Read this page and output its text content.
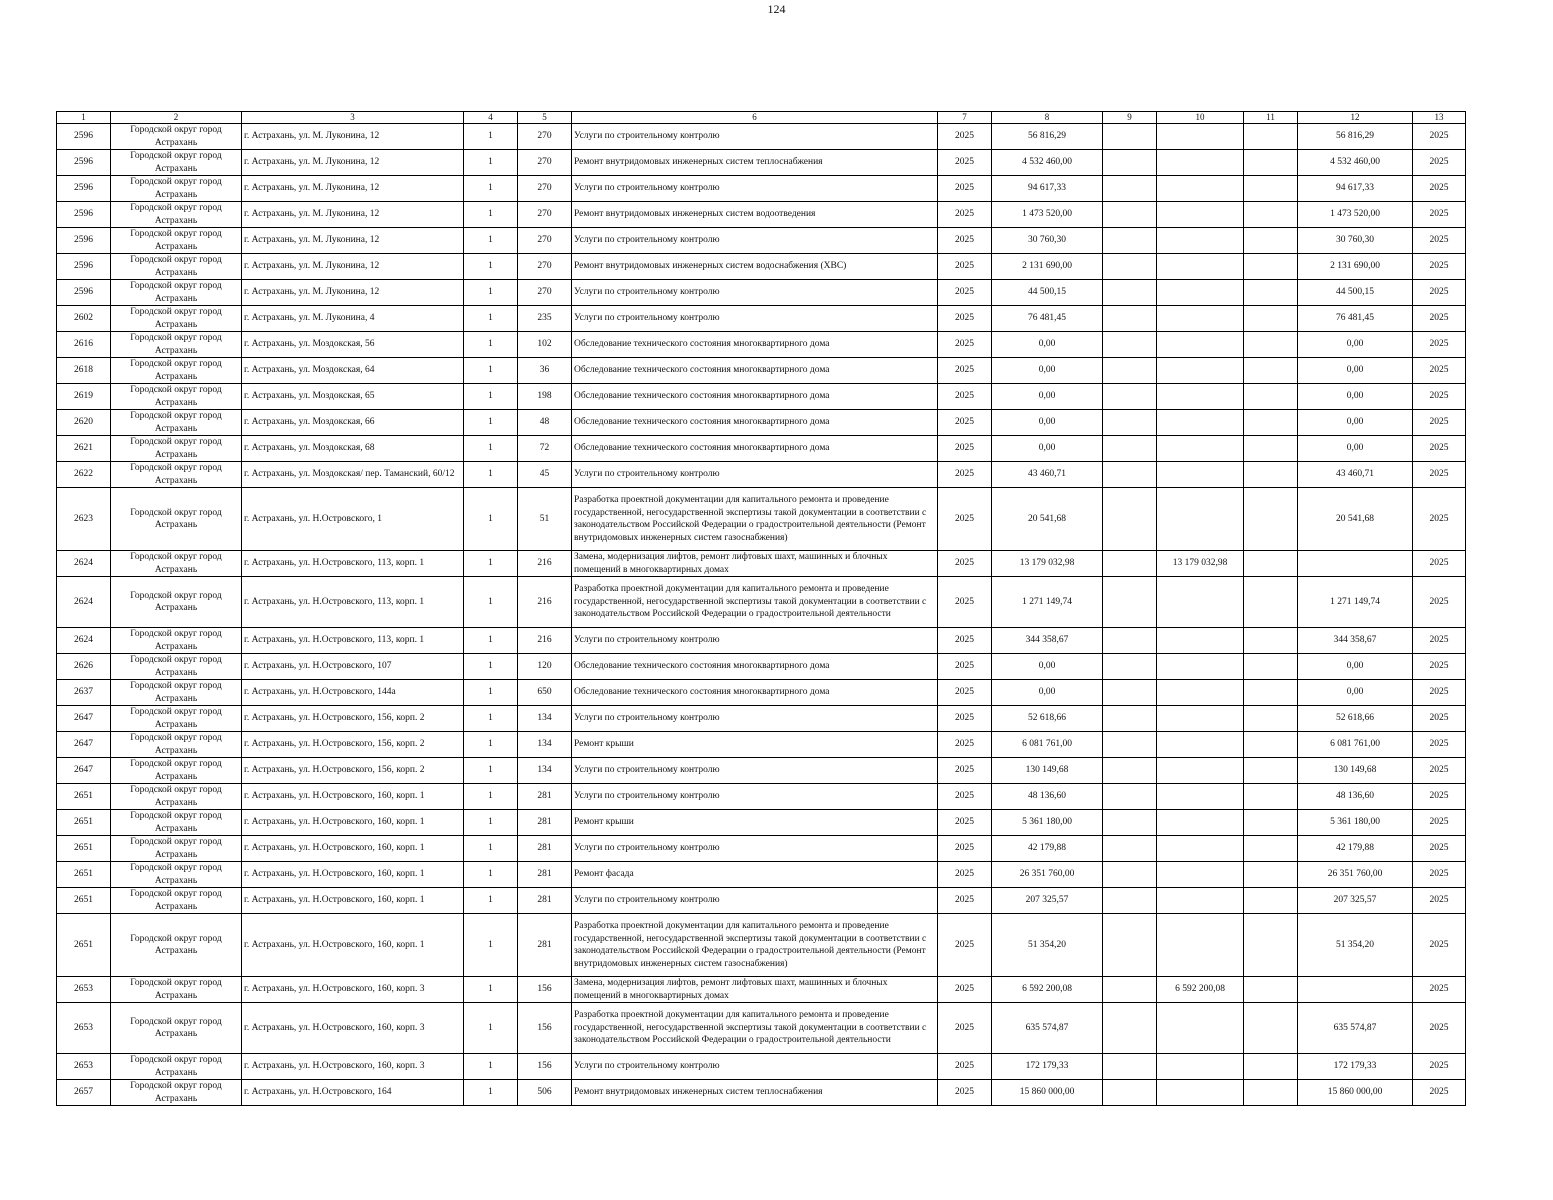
124
1	2	3	4	5	6	7	8	9	10	11	12	13
2596	Городской округ город Астрахань	г. Астрахань, ул. М. Луконина, 12	1	270	Услуги по строительному контролю	2025	56 816,29				56 816,29	2025
2596	Городской округ город Астрахань	г. Астрахань, ул. М. Луконина, 12	1	270	Ремонт внутридомовых инженерных систем теплоснабжения	2025	4 532 460,00				4 532 460,00	2025
2596	Городской округ город Астрахань	г. Астрахань, ул. М. Луконина, 12	1	270	Услуги по строительному контролю	2025	94 617,33				94 617,33	2025
2596	Городской округ город Астрахань	г. Астрахань, ул. М. Луконина, 12	1	270	Ремонт внутридомовых инженерных систем водоотведения	2025	1 473 520,00				1 473 520,00	2025
2596	Городской округ город Астрахань	г. Астрахань, ул. М. Луконина, 12	1	270	Услуги по строительному контролю	2025	30 760,30				30 760,30	2025
2596	Городской округ город Астрахань	г. Астрахань, ул. М. Луконина, 12	1	270	Ремонт внутридомовых инженерных систем водоснабжения (ХВС)	2025	2 131 690,00				2 131 690,00	2025
2596	Городской округ город Астрахань	г. Астрахань, ул. М. Луконина, 12	1	270	Услуги по строительному контролю	2025	44 500,15				44 500,15	2025
2602	Городской округ город Астрахань	г. Астрахань, ул. М. Луконина, 4	1	235	Услуги по строительному контролю	2025	76 481,45				76 481,45	2025
2616	Городской округ город Астрахань	г. Астрахань, ул. Моздокская, 56	1	102	Обследование технического состояния многоквартирного дома	2025	0,00				0,00	2025
2618	Городской округ город Астрахань	г. Астрахань, ул. Моздокская, 64	1	36	Обследование технического состояния многоквартирного дома	2025	0,00				0,00	2025
2619	Городской округ город Астрахань	г. Астрахань, ул. Моздокская, 65	1	198	Обследование технического состояния многоквартирного дома	2025	0,00				0,00	2025
2620	Городской округ город Астрахань	г. Астрахань, ул. Моздокская, 66	1	48	Обследование технического состояния многоквартирного дома	2025	0,00				0,00	2025
2621	Городской округ город Астрахань	г. Астрахань, ул. Моздокская, 68	1	72	Обследование технического состояния многоквартирного дома	2025	0,00				0,00	2025
2622	Городской округ город Астрахань	г. Астрахань, ул. Моздокская/ пер. Таманский, 60/12	1	45	Услуги по строительному контролю	2025	43 460,71				43 460,71	2025
2623	Городской округ город Астрахань	г. Астрахань, ул. Н.Островского, 1	1	51	Разработка проектной документации для капитального ремонта и проведение государственной, негосударственной экспертизы такой документации в соответствии с законодательством Российской Федерации о градостроительной деятельности (Ремонт внутридомовых инженерных систем газоснабжения)	2025	20 541,68				20 541,68	2025
2624	Городской округ город Астрахань	г. Астрахань, ул. Н.Островского, 113, корп. 1	1	216	Замена, модернизация лифтов, ремонт лифтовых шахт, машинных и блочных помещений в многоквартирных домах	2025	13 179 032,98		13 179 032,98			2025
2624	Городской округ город Астрахань	г. Астрахань, ул. Н.Островского, 113, корп. 1	1	216	Разработка проектной документации для капитального ремонта и проведение государственной, негосударственной экспертизы такой документации в соответствии с законодательством Российской Федерации о градостроительной деятельности	2025	1 271 149,74				1 271 149,74	2025
2624	Городской округ город Астрахань	г. Астрахань, ул. Н.Островского, 113, корп. 1	1	216	Услуги по строительному контролю	2025	344 358,67				344 358,67	2025
2626	Городской округ город Астрахань	г. Астрахань, ул. Н.Островского, 107	1	120	Обследование технического состояния многоквартирного дома	2025	0,00				0,00	2025
2637	Городской округ город Астрахань	г. Астрахань, ул. Н.Островского, 144а	1	650	Обследование технического состояния многоквартирного дома	2025	0,00				0,00	2025
2647	Городской округ город Астрахань	г. Астрахань, ул. Н.Островского, 156, корп. 2	1	134	Услуги по строительному контролю	2025	52 618,66				52 618,66	2025
2647	Городской округ город Астрахань	г. Астрахань, ул. Н.Островского, 156, корп. 2	1	134	Ремонт крыши	2025	6 081 761,00				6 081 761,00	2025
2647	Городской округ город Астрахань	г. Астрахань, ул. Н.Островского, 156, корп. 2	1	134	Услуги по строительному контролю	2025	130 149,68				130 149,68	2025
2651	Городской округ город Астрахань	г. Астрахань, ул. Н.Островского, 160, корп. 1	1	281	Услуги по строительному контролю	2025	48 136,60				48 136,60	2025
2651	Городской округ город Астрахань	г. Астрахань, ул. Н.Островского, 160, корп. 1	1	281	Ремонт крыши	2025	5 361 180,00				5 361 180,00	2025
2651	Городской округ город Астрахань	г. Астрахань, ул. Н.Островского, 160, корп. 1	1	281	Услуги по строительному контролю	2025	42 179,88				42 179,88	2025
2651	Городской округ город Астрахань	г. Астрахань, ул. Н.Островского, 160, корп. 1	1	281	Ремонт фасада	2025	26 351 760,00				26 351 760,00	2025
2651	Городской округ город Астрахань	г. Астрахань, ул. Н.Островского, 160, корп. 1	1	281	Услуги по строительному контролю	2025	207 325,57				207 325,57	2025
2651	Городской округ город Астрахань	г. Астрахань, ул. Н.Островского, 160, корп. 1	1	281	Разработка проектной документации для капитального ремонта и проведение государственной, негосударственной экспертизы такой документации в соответствии с законодательством Российской Федерации о градостроительной деятельности (Ремонт внутридомовых инженерных систем газоснабжения)	2025	51 354,20				51 354,20	2025
2653	Городской округ город Астрахань	г. Астрахань, ул. Н.Островского, 160, корп. 3	1	156	Замена, модернизация лифтов, ремонт лифтовых шахт, машинных и блочных помещений в многоквартирных домах	2025	6 592 200,08		6 592 200,08			2025
2653	Городской округ город Астрахань	г. Астрахань, ул. Н.Островского, 160, корп. 3	1	156	Разработка проектной документации для капитального ремонта и проведение государственной, негосударственной экспертизы такой документации в соответствии с законодательством Российской Федерации о градостроительной деятельности	2025	635 574,87				635 574,87	2025
2653	Городской округ город Астрахань	г. Астрахань, ул. Н.Островского, 160, корп. 3	1	156	Услуги по строительному контролю	2025	172 179,33				172 179,33	2025
2657	Городской округ город Астрахань	г. Астрахань, ул. Н.Островского, 164	1	506	Ремонт внутридомовых инженерных систем теплоснабжения	2025	15 860 000,00				15 860 000,00	2025
